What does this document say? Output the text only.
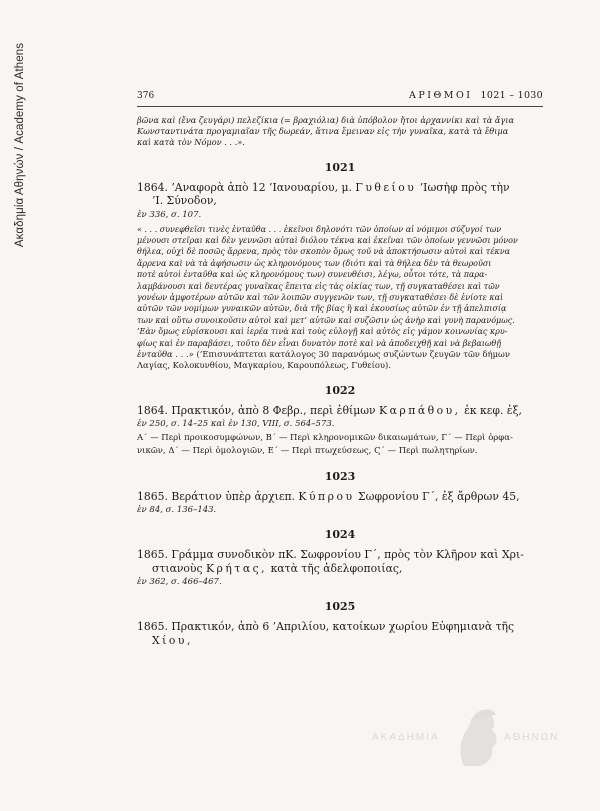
Ακαδημία Αθηνών / Academy of Athens	376	ΑΡΙΘΜΟΙ 1021 – 1030

βῶνα καὶ (ἕνα ζευγάρι) πελεζίκια (= βραχιόλια) διὰ ὑπόβολον ἤτοι ἀρχαννίκι καὶ τὰ ἄγια

Κωνσταντινάτα προγαμιαῖαν τῆς δωρεάν, ἅτινα ἔμειναν εἰς τὴν γυναῖκα, κατὰ τὰ ἔθιμα

καὶ κατὰ τὸν Νόμον . . .».

1021

1864. ’Αναφορὰ ἀπὸ 12 ’Ιανουαρίου, μ. Γυθείου ’Ιωσὴφ πρὸς τὴν

’Ι. Σύνοδον,

ἐν 336, σ. 107.

« . . . συνεφθεῖσι τινὲς ἐνταῦθα . . . ἐκεῖνοι δηλονότι τῶν ὁποίων αἱ νόμιμοι σύζυγοί των

μένουσι στεῖραι καὶ δὲν γεννῶσι αὐταὶ διόλου τέκνα καὶ ἐκεῖναι τῶν ὁποίων γεννῶσι μόνον

θήλεα, οὐχὶ δὲ ποσῶς ἄρρενα, πρὸς τὸν σκοπὸν ὅμως τοῦ νὰ ἀποκτήσωσιν αὐτοὶ καὶ τέκνα

ἄρρενα καὶ νὰ τὰ ἀφήσωσιν ὡς κληρονόμους των (διότι καὶ τὰ θήλεα δὲν τὰ θεωροῦσι

ποτὲ αὐτοὶ ἐνταῦθα καὶ ὡς κληρονόμους των) συνευθέισι, λέγω, οὗτοι τότε, τὰ παρα-

λαμβάνουσι καὶ δευτέρας γυναῖκας ἔπειτα εἰς τὰς οἰκίας των, τῇ συγκαταθέσει καὶ τῶν

γονέων ἀμφοτέρων αὐτῶν καὶ τῶν λοιπῶν συγγενῶν των, τῇ συγκαταθέσει δὲ ἐνίοτε καὶ

αὐτῶν τῶν νομίμων γυναικῶν αὐτῶν, διὰ τῆς βίας ἢ καὶ ἑκουσίως αὐτῶν ἐν τῇ ἀπελπισίᾳ

των καὶ οὕτω συνοικοῦσιν αὐτοὶ καὶ μετ’ αὐτῶν καὶ συζῶσιν ὡς ἀνὴρ καὶ γυνὴ παρανόμως.

’Εὰν ὅμως εὑρίσκουσι καὶ ἱερέα τινὰ καὶ τοὺς εὐλογῇ καὶ αὐτὸς εἰς γάμον κοινωνίας κρυ-

φίως καὶ ἐν παραβάσει, τοῦτο δὲν εἶναι δυνατὸν ποτὲ καὶ νὰ ἀποδειχθῇ καὶ νὰ βεβαιωθῇ

ἐνταῦθα . . .» (’Επισυνάπτεται κατάλογος 30 παρανόμως συζώντων ζευγῶν τῶν δήμων

Λαγίας, Κολοκυνθίου, Μαγκαρίου, Καρουπόλεως, Γυθείου).

1022

1864. Πρακτικόν, ἀπὸ 8 Φεβρ., περὶ ἐθίμων Καρπάθου, ἐκ κεφ. ἐξ,

ἐν 250, σ. 14–25 καὶ ἐν 130, VIII, σ. 564–573.

Α΄ — Περὶ προικοσυμφώνων, Β΄ — Περὶ κληρονομικῶν δικαιωμάτων, Γ΄ — Περὶ ὀρφα-

νικῶν, Δ΄ — Περὶ ὁμολογιῶν, Ε΄ — Περὶ πτωχεύσεως, Ϛ΄ — Περὶ πωλητηρίων.

1023

1865. Βεράτιον ὑπὲρ ἀρχιεπ. Κύπρου Σωφρονίου Γ΄, ἐξ ἄρθρων 45,

ἐν 84, σ. 136–143.

1024

1865. Γράμμα συνοδικὸν πΚ. Σωφρονίου Γ΄, πρὸς τὸν Κλῆρον καὶ Χρι-

στιανοὺς Κρήτας, κατὰ τῆς ἀδελφοποιίας,

ἐν 362, σ. 466–467.

1025

1865. Πρακτικόν, ἀπὸ 6 ’Απριλίου, κατοίκων χωρίου Εὐφημιανὰ τῆς

Χίου,

ΑΚΑΔΗΜΙΑ	ΑΘΗΝΩΝ
